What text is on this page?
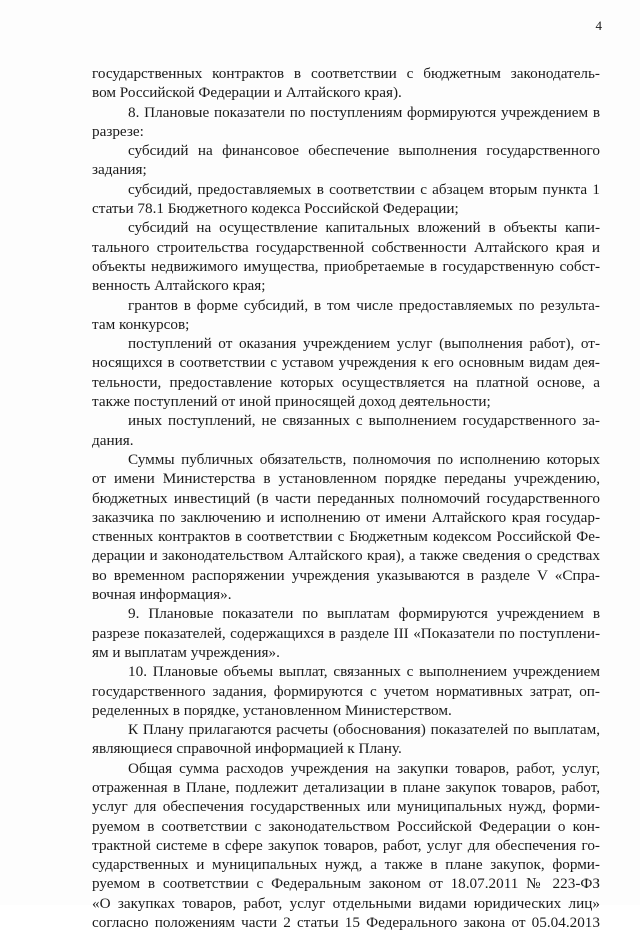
4
государственных контрактов в соответствии с бюджетным законодатель-
вом Российской Федерации и Алтайского края).
8. Плановые показатели по поступлениям формируются учреждением в
разрезе:
субсидий на финансовое обеспечение выполнения государственного
задания;
субсидий, предоставляемых в соответствии с абзацем вторым пункта 1
статьи 78.1 Бюджетного кодекса Российской Федерации;
субсидий на осуществление капитальных вложений в объекты капи-
тального строительства государственной собственности Алтайского края и
объекты недвижимого имущества, приобретаемые в государственную собст-
венность Алтайского края;
грантов в форме субсидий, в том числе предоставляемых по результа-
там конкурсов;
поступлений от оказания учреждением услуг (выполнения работ), от-
носящихся в соответствии с уставом учреждения к его основным видам дея-
тельности, предоставление которых осуществляется на платной основе, а
также поступлений от иной приносящей доход деятельности;
иных поступлений, не связанных с выполнением государственного за-
дания.
Суммы публичных обязательств, полномочия по исполнению которых
от имени Министерства в установленном порядке переданы учреждению,
бюджетных инвестиций (в части переданных полномочий государственного
заказчика по заключению и исполнению от имени Алтайского края государ-
ственных контрактов в соответствии с Бюджетным кодексом Российской Фе-
дерации и законодательством Алтайского края), а также сведения о средствах
во временном распоряжении учреждения указываются в разделе V «Спра-
вочная информация».
9. Плановые показатели по выплатам формируются учреждением в
разрезе показателей, содержащихся в разделе III «Показатели по поступлени-
ям и выплатам учреждения».
10. Плановые объемы выплат, связанных с выполнением учреждением
государственного задания, формируются с учетом нормативных затрат, оп-
ределенных в порядке, установленном Министерством.
К Плану прилагаются расчеты (обоснования) показателей по выплатам,
являющиеся справочной информацией к Плану.
Общая сумма расходов учреждения на закупки товаров, работ, услуг,
отраженная в Плане, подлежит детализации в плане закупок товаров, работ,
услуг для обеспечения государственных или муниципальных нужд, форми-
руемом в соответствии с законодательством Российской Федерации о кон-
трактной системе в сфере закупок товаров, работ, услуг для обеспечения го-
сударственных и муниципальных нужд, а также в плане закупок, форми-
руемом в соответствии с Федеральным законом от 18.07.2011 № 223-ФЗ
«О закупках товаров, работ, услуг отдельными видами юридических лиц»
согласно положениям части 2 статьи 15 Федерального закона от 05.04.2013
